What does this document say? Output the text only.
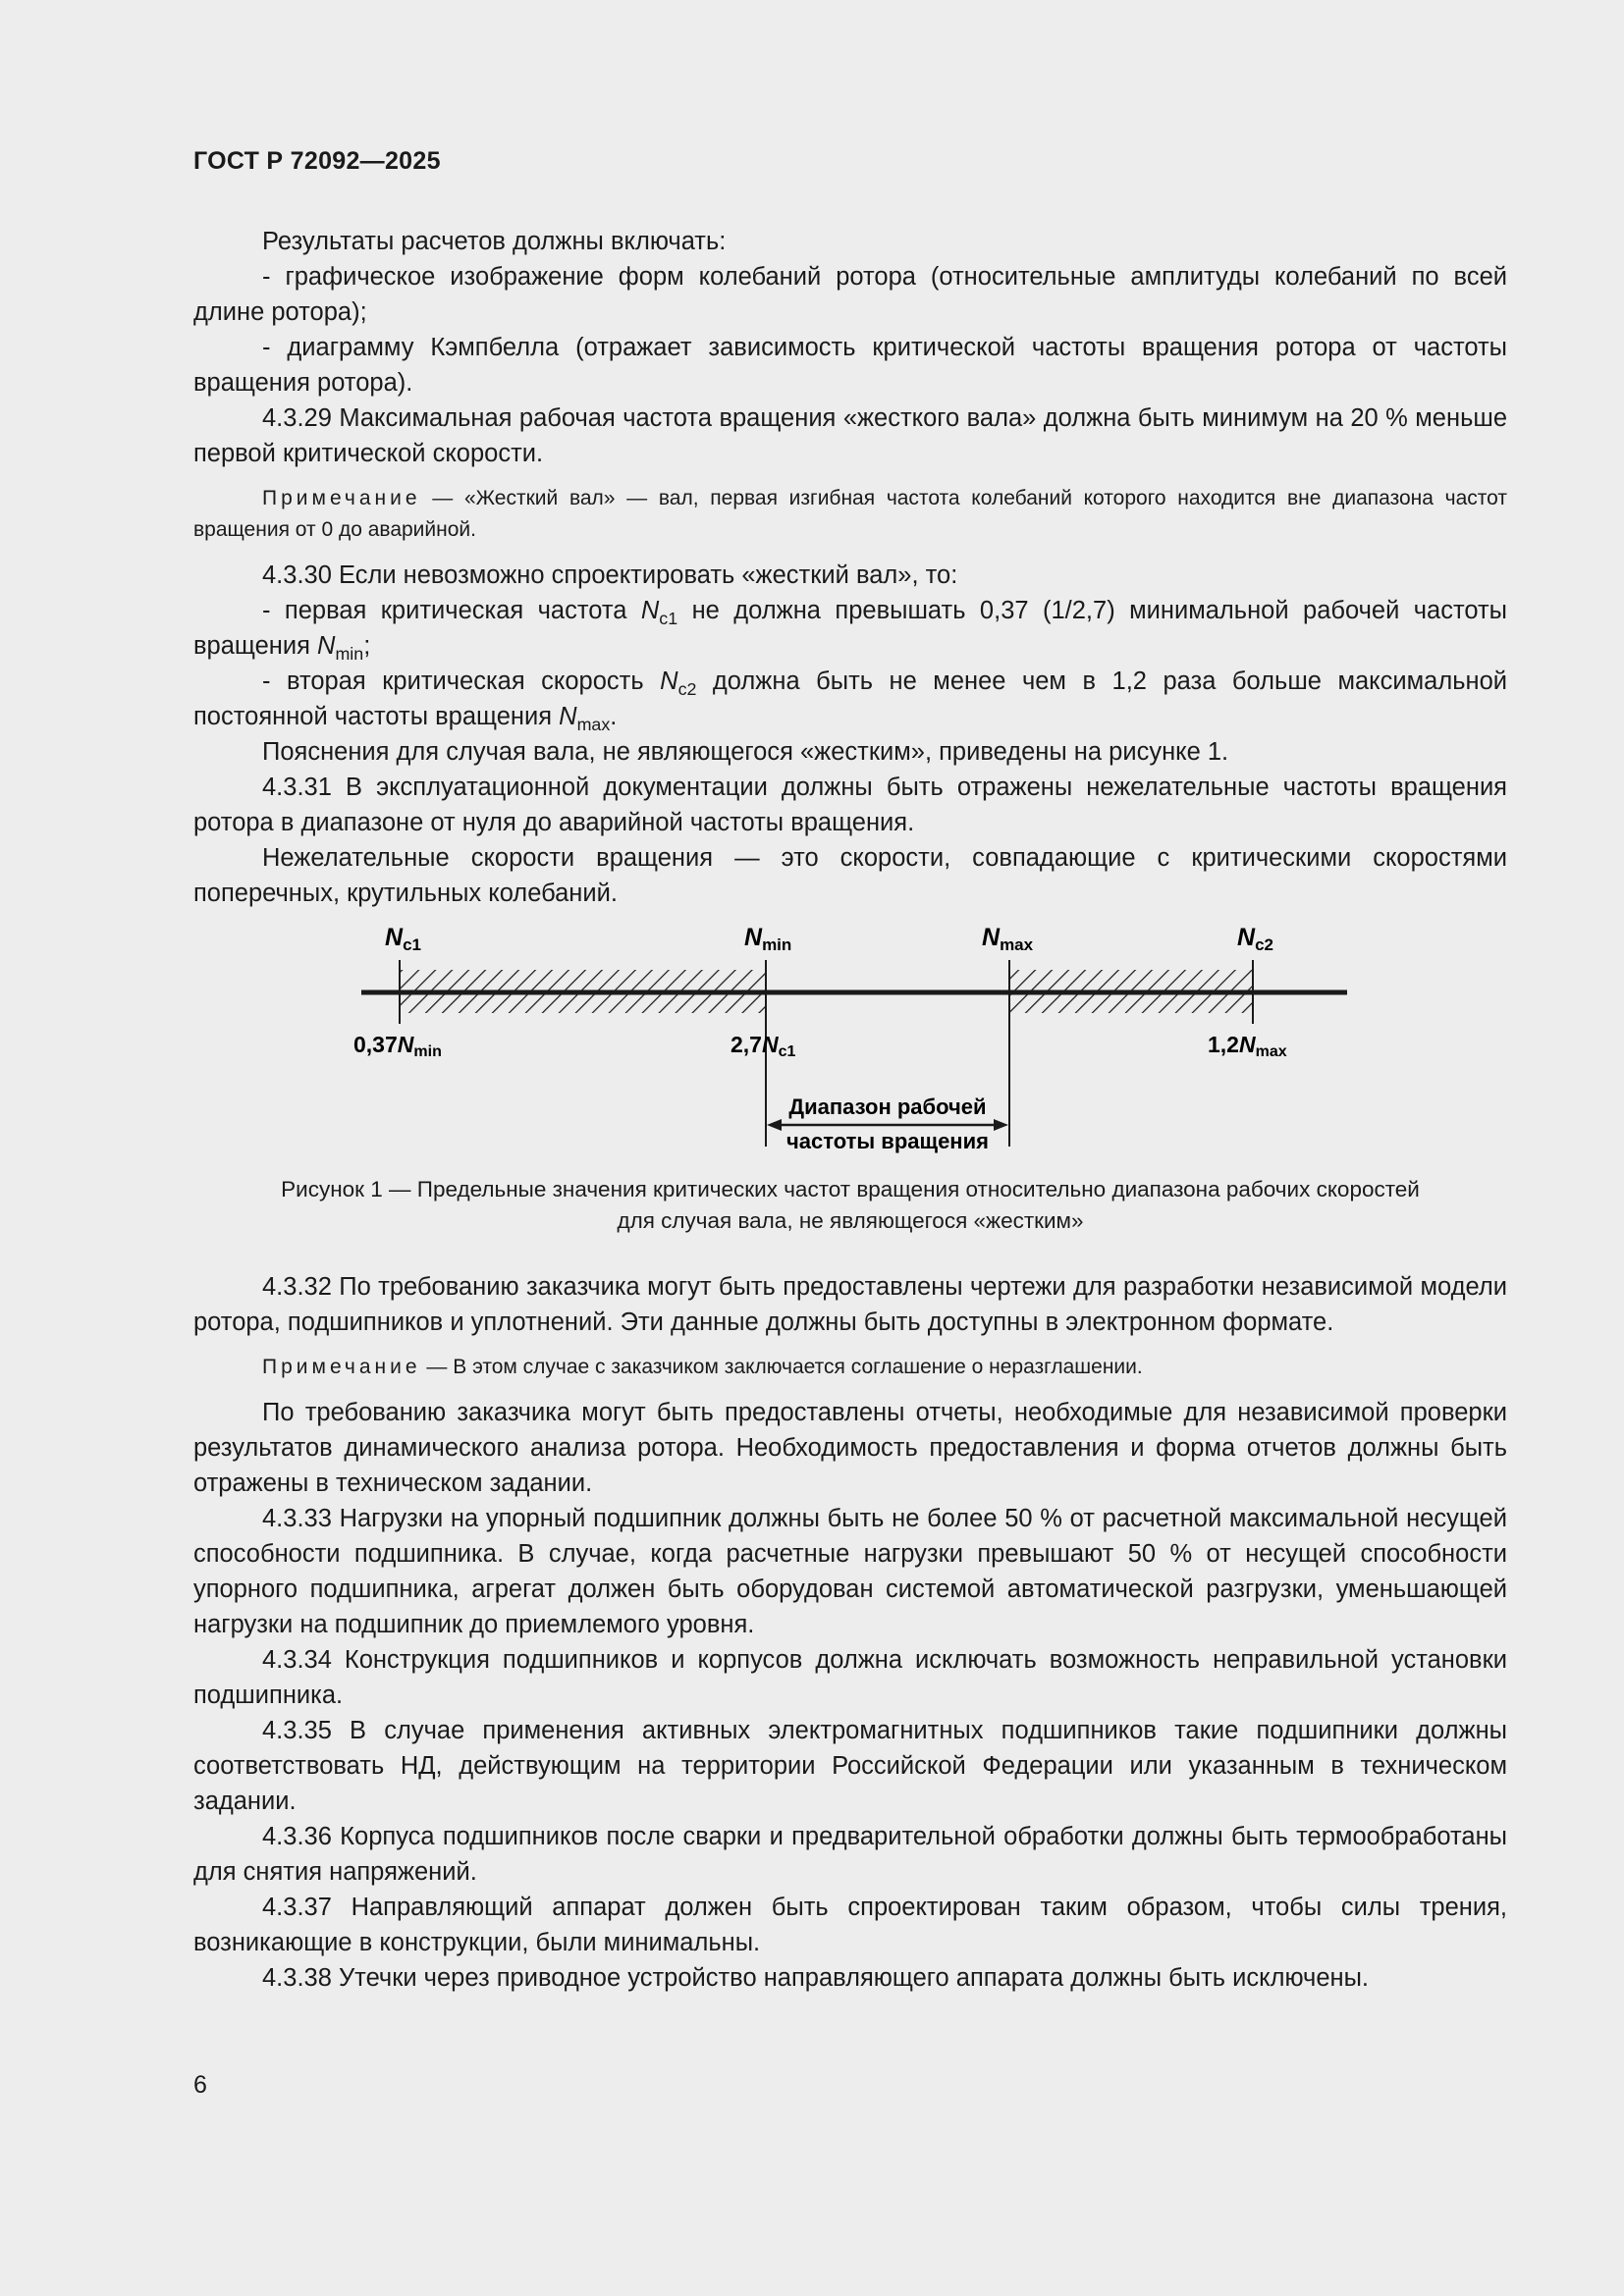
ГОСТ Р 72092—2025

Результаты расчетов должны включать:

- графическое изображение форм колебаний ротора (относительные амплитуды колебаний по всей длине ротора);

- диаграмму Кэмпбелла (отражает зависимость критической частоты вращения ротора от частоты вращения ротора).

4.3.29 Максимальная рабочая частота вращения «жесткого вала» должна быть минимум на 20 % меньше первой критической скорости.

Примечание — «Жесткий вал» — вал, первая изгибная частота колебаний которого находится вне диапазона частот вращения от 0 до аварийной.

4.3.30 Если невозможно спроектировать «жесткий вал», то:

- первая критическая частота $N_{c1}$ не должна превышать 0,37 (1/2,7) минимальной рабочей частоты вращения $N_{min}$;

- вторая критическая скорость $N_{c2}$ должна быть не менее чем в 1,2 раза больше максимальной постоянной частоты вращения $N_{max}$.

Пояснения для случая вала, не являющегося «жестким», приведены на рисунке 1.

4.3.31 В эксплуатационной документации должны быть отражены нежелательные частоты вращения ротора в диапазоне от нуля до аварийной частоты вращения.

Нежелательные скорости вращения — это скорости, совпадающие с критическими скоростями поперечных, крутильных колебаний.

$N_{c1}$	$N_{min}$	$N_{max}$	$N_{c2}$
0,37Nmin	2,7Nc1	1,2Nmax
Диапазон рабочей
частоты вращения
Рисунок 1 — Предельные значения критических частот вращения относительно диапазона рабочих скоростей
для случая вала, не являющегося «жестким»

4.3.32 По требованию заказчика могут быть предоставлены чертежи для разработки независимой модели ротора, подшипников и уплотнений. Эти данные должны быть доступны в электронном формате.

Примечание — В этом случае с заказчиком заключается соглашение о неразглашении.

По требованию заказчика могут быть предоставлены отчеты, необходимые для независимой проверки результатов динамического анализа ротора. Необходимость предоставления и форма отчетов должны быть отражены в техническом задании.

4.3.33 Нагрузки на упорный подшипник должны быть не более 50 % от расчетной максимальной несущей способности подшипника. В случае, когда расчетные нагрузки превышают 50 % от несущей способности упорного подшипника, агрегат должен быть оборудован системой автоматической разгрузки, уменьшающей нагрузки на подшипник до приемлемого уровня.

4.3.34 Конструкция подшипников и корпусов должна исключать возможность неправильной установки подшипника.

4.3.35 В случае применения активных электромагнитных подшипников такие подшипники должны соответствовать НД, действующим на территории Российской Федерации или указанным в техническом задании.

4.3.36 Корпуса подшипников после сварки и предварительной обработки должны быть термообработаны для снятия напряжений.

4.3.37 Направляющий аппарат должен быть спроектирован таким образом, чтобы силы трения, возникающие в конструкции, были минимальны.

4.3.38 Утечки через приводное устройство направляющего аппарата должны быть исключены.

6
